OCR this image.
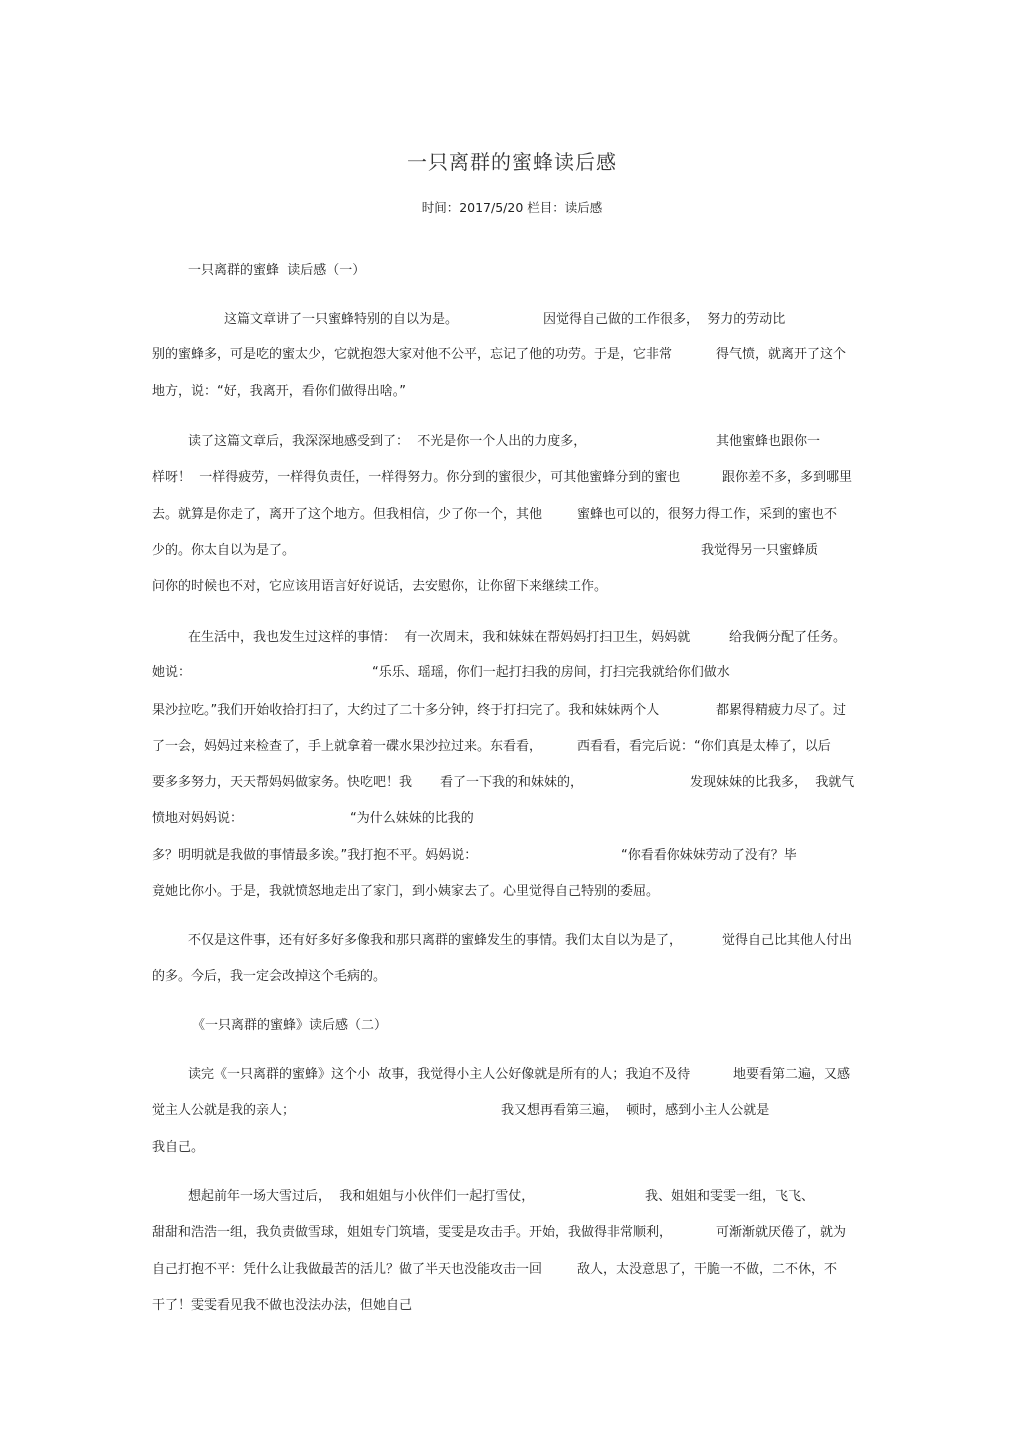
一只离群的蜜蜂读后感
时间：2017/5/20 栏目：读后感
一只离群的蜜蜂  读后感（一）
这篇文章讲了一只蜜蜂特别的自以为是。	因觉得自己做的工作很多，  努力的劳动比
别的蜜蜂多，可是吃的蜜太少，它就抱怨大家对他不公平，忘记了他的功劳。于是，它非常	得气愤，就离开了这个
地方，说：“好，我离开，看你们做得出啥。”
读了这篇文章后，我深深地感受到了：  不光是你一个人出的力度多，	其他蜜蜂也跟你一
样呀！  一样得疲劳，一样得负责任，一样得努力。你分到的蜜很少，可其他蜜蜂分到的蜜也	跟你差不多，多到哪里
去。就算是你走了，离开了这个地方。但我相信，少了你一个，其他	蜜蜂也可以的，很努力得工作，采到的蜜也不
少的。你太自以为是了。	我觉得另一只蜜蜂质
问你的时候也不对，它应该用语言好好说话，去安慰你，让你留下来继续工作。
在生活中，我也发生过这样的事情：  有一次周末，我和妹妹在帮妈妈打扫卫生，妈妈就	给我俩分配了任务。
她说：	“乐乐、瑶瑶，你们一起打扫我的房间，打扫完我就给你们做水
果沙拉吃。”我们开始收拾打扫了，大约过了二十多分钟，终于打扫完了。我和妹妹两个人	都累得精疲力尽了。过
了一会，妈妈过来检查了，手上就拿着一碟水果沙拉过来。东看看，	西看看，看完后说：“你们真是太棒了，以后
要多多努力，天天帮妈妈做家务。快吃吧！我 看了一下我的和妹妹的，	发现妹妹的比我多，  我就气
愤地对妈妈说：	“为什么妹妹的比我的
多？明明就是我做的事情最多诶。”我打抱不平。妈妈说：	“你看看你妹妹劳动了没有？毕
竟她比你小。于是，我就愤怒地走出了家门，到小姨家去了。心里觉得自己特别的委屈。
不仅是这件事，还有好多好多像我和那只离群的蜜蜂发生的事情。我们太自以为是了，	觉得自己比其他人付出
的多。今后，我一定会改掉这个毛病的。
《一只离群的蜜蜂》读后感（二）
读完《一只离群的蜜蜂》这个小  故事，我觉得小主人公好像就是所有的人；我迫不及待	地要看第二遍，又感
觉主人公就是我的亲人；	我又想再看第三遍，  顿时，感到小主人公就是
我自己。
想起前年一场大雪过后，  我和姐姐与小伙伴们一起打雪仗，	我、姐姐和雯雯一组，飞飞、
甜甜和浩浩一组，我负责做雪球，姐姐专门筑墙，雯雯是攻击手。开始，我做得非常顺利，	可渐渐就厌倦了，就为
自己打抱不平：凭什么让我做最苦的活儿？做了半天也没能攻击一回	敌人，太没意思了，干脆一不做，二不休，不
干了！雯雯看见我不做也没法办法，但她自己
